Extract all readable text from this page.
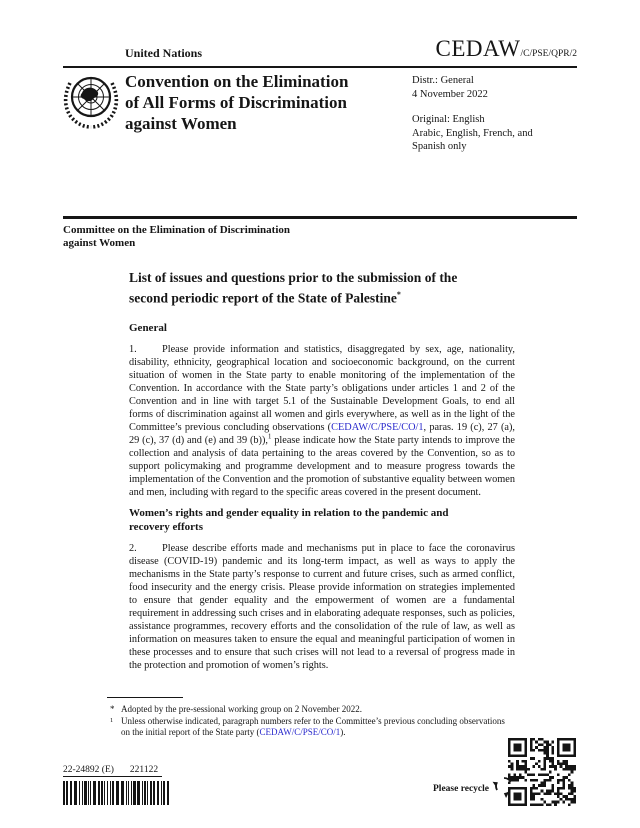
United Nations	CEDAW /C/PSE/QPR/2
Convention on the Elimination
of All Forms of Discrimination
against Women
Distr.: General
4 November 2022
Original: English
Arabic, English, French, and
Spanish only
Committee on the Elimination of Discrimination
against Women
List of issues and questions prior to the submission of the
second periodic report of the State of Palestine*
General

1. Please provide information and statistics, disaggregated by sex, age, nationality, disability, ethnicity, geographical location and socioeconomic background, on the current situation of women in the State party to enable monitoring of the implementation of the Convention. In accordance with the State party’s obligations under articles 1 and 2 of the Convention and in line with target 5.1 of the Sustainable Development Goals, to end all forms of discrimination against all women and girls everywhere, as well as in the light of the Committee’s previous concluding observations (CEDAW/C/PSE/CO/1, paras. 19 (c), 27 (a), 29 (c), 37 (d) and (e) and 39 (b)),$^1$ please indicate how the State party intends to improve the collection and analysis of data pertaining to the areas covered by the Convention, so as to support policymaking and programme development and to measure progress towards the implementation of the Convention and the promotion of substantive equality between women and men, including with regard to the specific areas covered in the present document.

Women’s rights and gender equality in relation to the pandemic and
recovery efforts

2. Please describe efforts made and mechanisms put in place to face the coronavirus disease (COVID-19) pandemic and its long-term impact, as well as ways to apply the mechanisms in the State party’s response to current and future crises, such as armed conflict, food insecurity and the energy crisis. Please provide information on strategies implemented to ensure that gender equality and the empowerment of women are a fundamental requirement in addressing such crises and in elaborating adequate responses, such as policies, assistance programmes, recovery efforts and the consolidation of the rule of law, as well as information on measures taken to ensure the equal and meaningful participation of women in these processes and to ensure that such crises will not lead to a reversal of progress made in the protection and promotion of women’s rights.

* Adopted by the pre-sessional working group on 2 November 2022.
1 Unless otherwise indicated, paragraph numbers refer to the Committee’s previous concluding observations on the initial report of the State party (CEDAW/C/PSE/CO/1).
22-24892 (E) 221122
Please recycle
